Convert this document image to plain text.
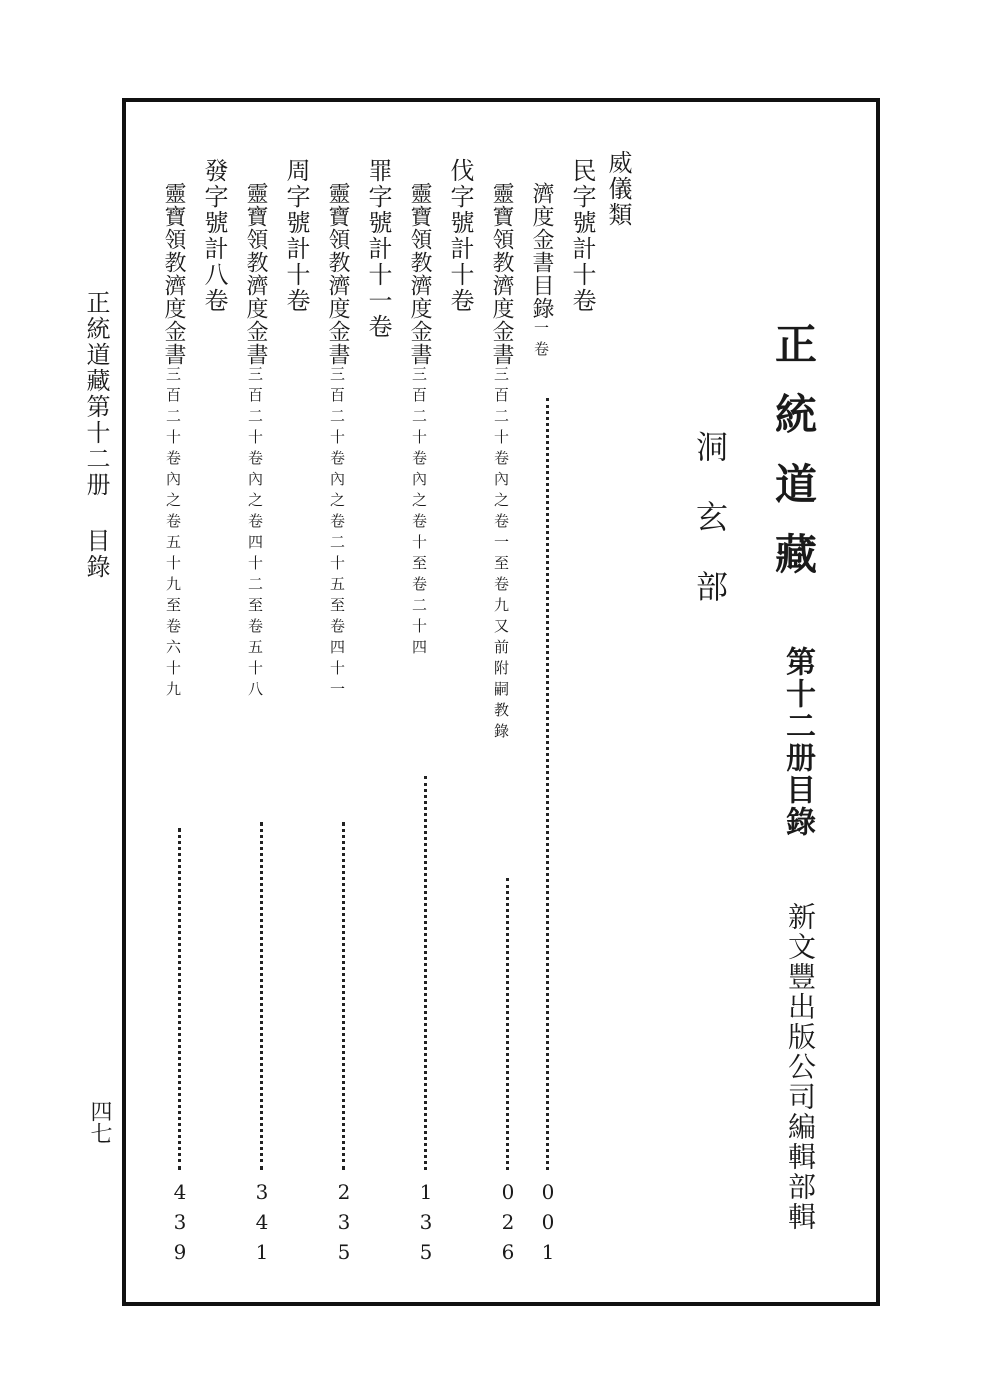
正統道藏第十二册目錄
四七
正統道藏
第十二册目錄
洞玄部
新文豐出版公司編輯部輯
威儀類
民字號計十卷
濟度金書目錄一卷
001
靈寶領教濟度金書三百二十卷內之卷一至卷九又前附嗣教錄
026
伐字號計十卷
靈寶領教濟度金書三百二十卷內之卷十至卷二十四
135
罪字號計十一卷
靈寶領教濟度金書三百二十卷內之卷二十五至卷四十一
235
周字號計十卷
靈寶領教濟度金書三百二十卷內之卷四十二至卷五十八
341
發字號計八卷
靈寶領教濟度金書三百二十卷內之卷五十九至卷六十九
439
